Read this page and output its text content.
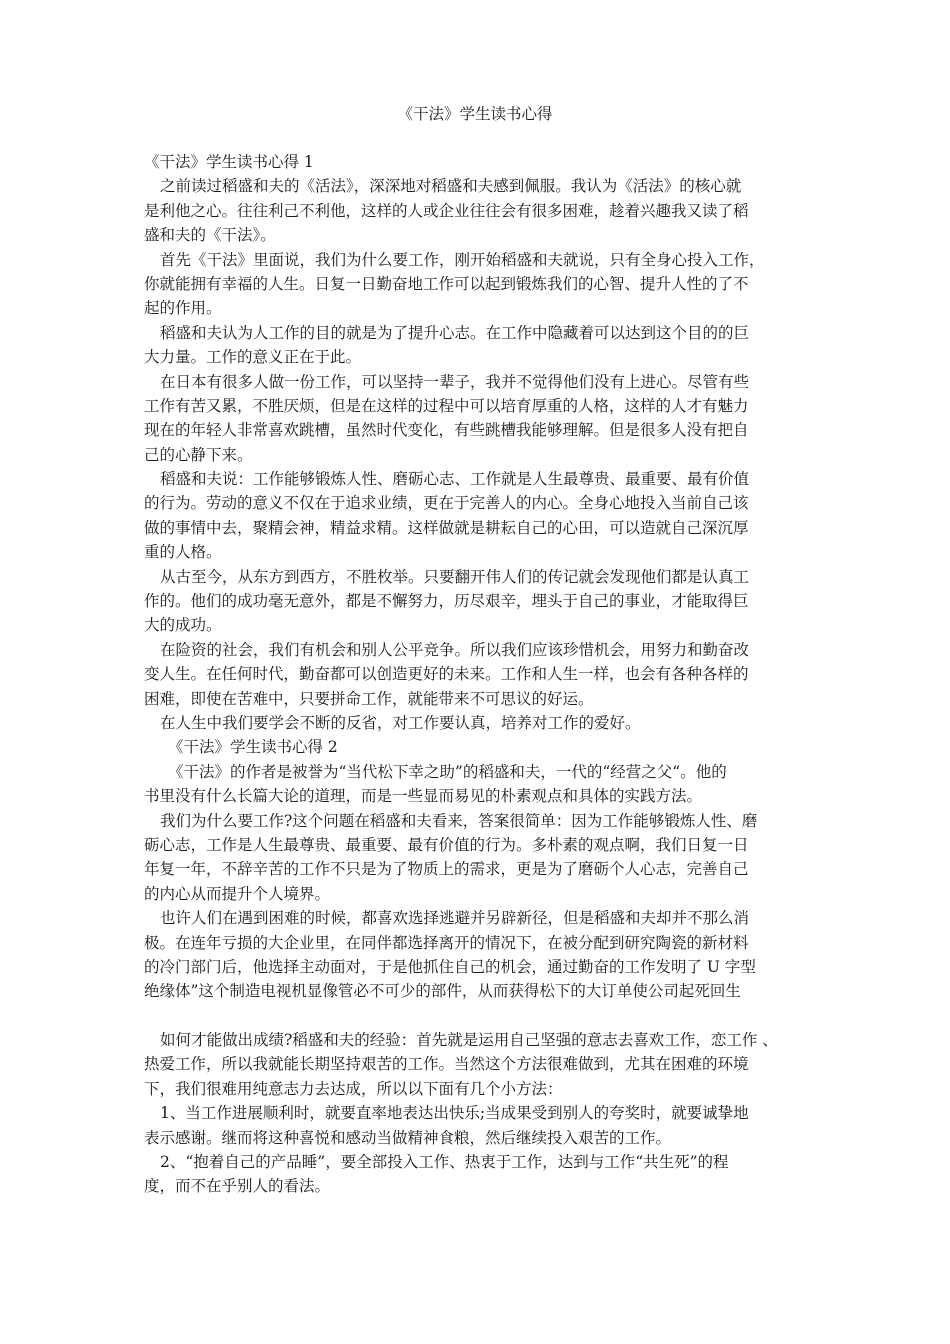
《干法》学生读书心得
《干法》学生读书心得 1
之前读过稻盛和夫的《活法》，深深地对稻盛和夫感到佩服。我认为《活法》的核心就
是利他之心。往往利己不利他，这样的人或企业往往会有很多困难，趁着兴趣我又读了稻
盛和夫的《干法》。
首先《干法》里面说，我们为什么要工作，刚开始稻盛和夫就说，只有全身心投入工作，
你就能拥有幸福的人生。日复一日勤奋地工作可以起到锻炼我们的心智、提升人性的了不
起的作用。
稻盛和夫认为人工作的目的就是为了提升心志。在工作中隐藏着可以达到这个目的的巨
大力量。工作的意义正在于此。
在日本有很多人做一份工作，可以坚持一辈子，我并不觉得他们没有上进心。尽管有些
工作有苦又累，不胜厌烦，但是在这样的过程中可以培育厚重的人格，这样的人才有魅力
现在的年轻人非常喜欢跳槽，虽然时代变化，有些跳槽我能够理解。但是很多人没有把自
己的心静下来。
稻盛和夫说：工作能够锻炼人性、磨砺心志、工作就是人生最尊贵、最重要、最有价值
的行为。劳动的意义不仅在于追求业绩，更在于完善人的内心。全身心地投入当前自己该
做的事情中去，聚精会神，精益求精。这样做就是耕耘自己的心田，可以造就自己深沉厚
重的人格。
从古至今，从东方到西方，不胜枚举。只要翻开伟人们的传记就会发现他们都是认真工
作的。他们的成功毫无意外，都是不懈努力，历尽艰辛，埋头于自己的事业，才能取得巨
大的成功。
在险资的社会，我们有机会和别人公平竞争。所以我们应该珍惜机会，用努力和勤奋改
变人生。在任何时代，勤奋都可以创造更好的未来。工作和人生一样，也会有各种各样的
困难，即使在苦难中，只要拼命工作，就能带来不可思议的好运。
在人生中我们要学会不断的反省，对工作要认真，培养对工作的爱好。
《干法》学生读书心得 2
《干法》的作者是被誉为“当代松下幸之助”的稻盛和夫，一代的“经营之父“。他的
书里没有什么长篇大论的道理，而是一些显而易见的朴素观点和具体的实践方法。
我们为什么要工作?这个问题在稻盛和夫看来，答案很简单：因为工作能够锻炼人性、磨
砺心志，工作是人生最尊贵、最重要、最有价值的行为。多朴素的观点啊，我们日复一日
年复一年，不辞辛苦的工作不只是为了物质上的需求，更是为了磨砺个人心志，完善自己
的内心从而提升个人境界。
也许人们在遇到困难的时候，都喜欢选择逃避并另辟新径，但是稻盛和夫却并不那么消
极。在连年亏损的大企业里，在同伴都选择离开的情况下，在被分配到研究陶瓷的新材料
的冷门部门后，他选择主动面对，于是他抓住自己的机会，通过勤奋的工作发明了 U 字型
绝缘体”这个制造电视机显像管必不可少的部件，从而获得松下的大订单使公司起死回生
如何才能做出成绩?稻盛和夫的经验：首先就是运用自己坚强的意志去喜欢工作，恋工作 、
热爱工作，所以我就能长期坚持艰苦的工作。当然这个方法很难做到，尤其在困难的环境
下，我们很难用纯意志力去达成，所以以下面有几个小方法：
1、当工作进展顺利时，就要直率地表达出快乐;当成果受到别人的夸奖时，就要诚挚地
表示感谢。继而将这种喜悦和感动当做精神食粮，然后继续投入艰苦的工作。
2、“抱着自己的产品睡”，要全部投入工作、热衷于工作，达到与工作“共生死”的程
度，而不在乎别人的看法。
